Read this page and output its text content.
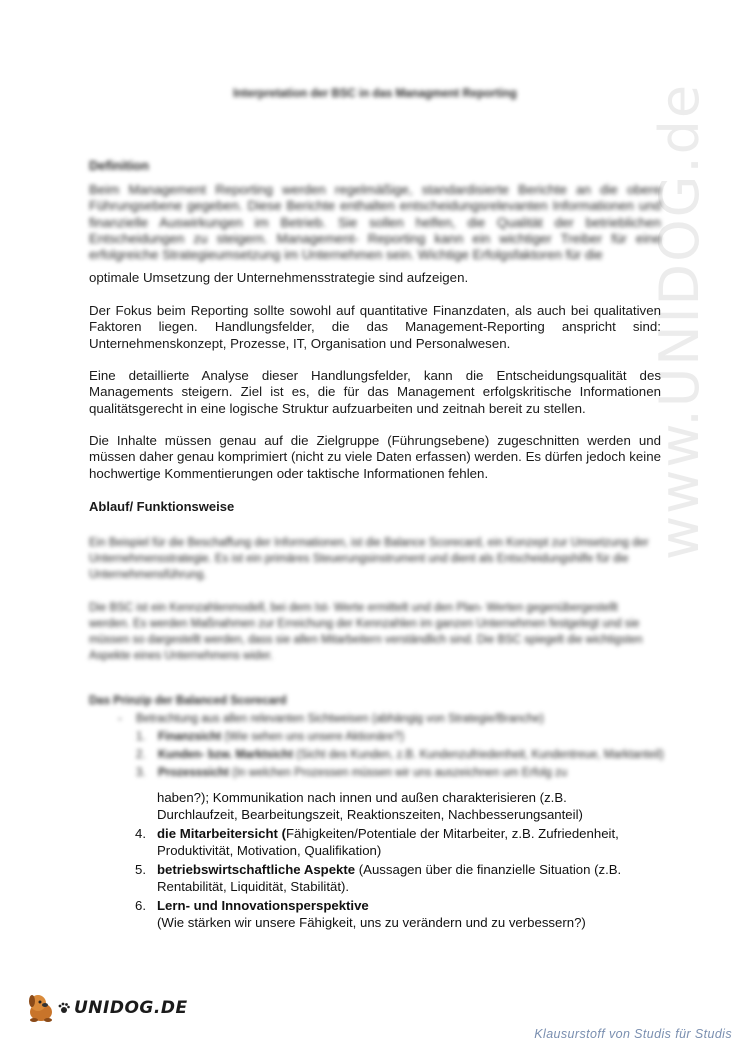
www.UNIDOG.de
Interpretation der BSC in das Managment Reporting
Definition
Beim Management Reporting werden regelmäßige, standardisierte Berichte an die obere Führungsebene gegeben. Diese Berichte enthalten entscheidungsrelevanten Informationen und finanzielle Auswirkungen im Betrieb. Sie sollen helfen, die Qualität der betrieblichen Entscheidungen zu steigern. Management- Reporting kann ein wichtiger Treiber für eine erfolgreiche Strategieumsetzung im Unternehmen sein. Wichtige Erfolgsfaktoren für die
optimale Umsetzung der Unternehmensstrategie sind aufzeigen.
Der Fokus beim Reporting sollte sowohl auf quantitative Finanzdaten, als auch bei qualitativen Faktoren liegen. Handlungsfelder, die das Management-Reporting anspricht sind: Unternehmenskonzept, Prozesse, IT, Organisation und Personalwesen.
Eine detaillierte Analyse dieser Handlungsfelder, kann die Entscheidungsqualität des Managements steigern. Ziel ist es, die für das Management erfolgskritische Informationen qualitätsgerecht in eine logische Struktur aufzuarbeiten und zeitnah bereit zu stellen.
Die Inhalte müssen genau auf die Zielgruppe (Führungsebene) zugeschnitten werden und müssen daher genau komprimiert (nicht zu viele Daten erfassen) werden. Es dürfen jedoch keine hochwertige Kommentierungen oder taktische Informationen fehlen.
Ablauf/ Funktionsweise
Ein Beispiel für die Beschaffung der Informationen, ist die Balance Scorecard, ein Konzept zur Umsetzung der Unternehmensstrategie. Es ist ein primäres Steuerungsinstrument und dient als Entscheidungshilfe für die Unternehmensführung.
Die BSC ist ein Kennzahlenmodell, bei dem Ist- Werte ermittelt und den Plan- Werten gegenübergestellt werden. Es werden Maßnahmen zur Erreichung der Kennzahlen im ganzen Unternehmen festgelegt und sie müssen so dargestellt werden, dass sie allen Mitarbeitern verständlich sind. Die BSC spiegelt die wichtigsten Aspekte eines Unternehmens wider.
Das Prinzip der Balanced Scorecard
- Betrachtung aus allen relevanten Sichtweisen (abhängig von Strategie/Branche)
1. Finanzsicht (Wie sehen uns unsere Aktionäre?)
2. Kunden- bzw. Marktsicht (Sicht des Kunden, z.B. Kundenzufriedenheit, Kundentreue, Marktanteil)
3. Prozesssicht (In welchen Prozessen müssen wir uns auszeichnen um Erfolg zu
haben?); Kommunikation nach innen und außen charakterisieren (z.B.
Durchlaufzeit, Bearbeitungszeit, Reaktionszeiten, Nachbesserungsanteil)
4. die Mitarbeitersicht (Fähigkeiten/Potentiale der Mitarbeiter, z.B. Zufriedenheit,
Produktivität, Motivation, Qualifikation)
5. betriebswirtschaftliche Aspekte (Aussagen über die finanzielle Situation (z.B.
Rentabilität, Liquidität, Stabilität).
6. Lern- und Innovationsperspektive
(Wie stärken wir unsere Fähigkeit, uns zu verändern und zu verbessern?)
UNIDOG.DE
Klausurstoff von Studis für Studis
